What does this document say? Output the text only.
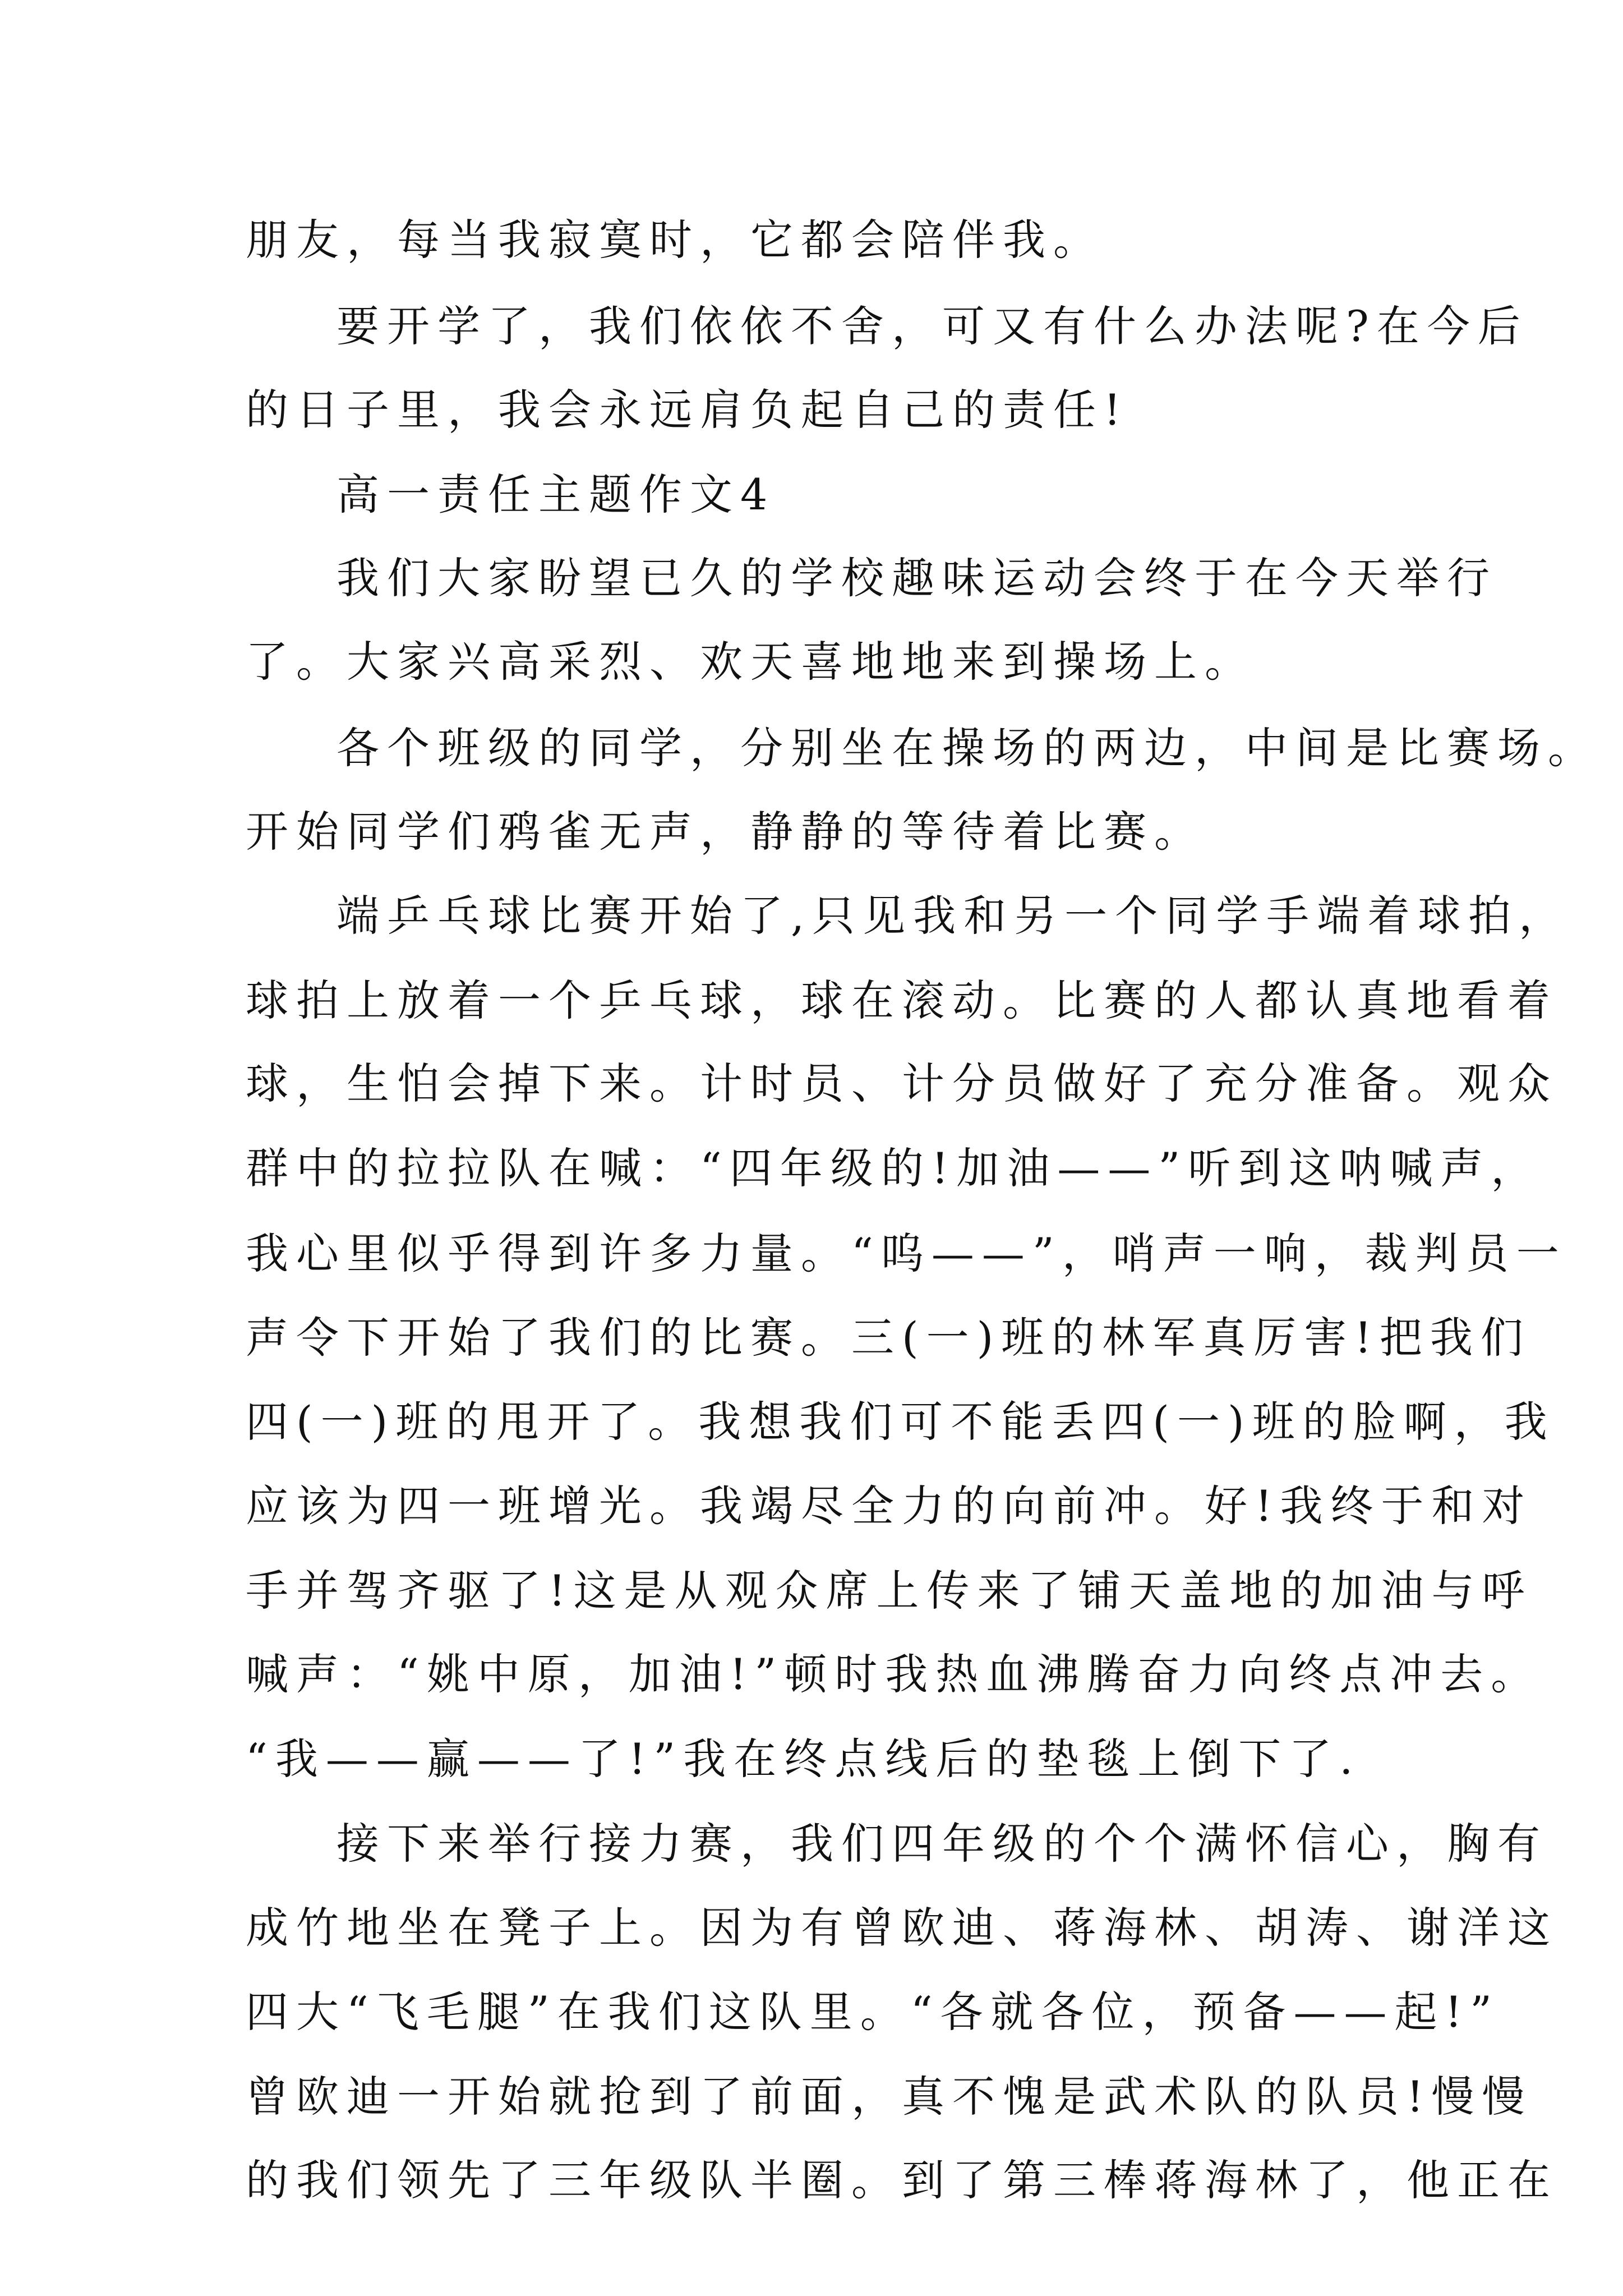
朋友，每当我寂寞时，它都会陪伴我。
要开学了，我们依依不舍，可又有什么办法呢?在今后
的日子里，我会永远肩负起自己的责任!
高一责任主题作文4
我们大家盼望已久的学校趣味运动会终于在今天举行
了。大家兴高采烈、欢天喜地地来到操场上。
各个班级的同学，分别坐在操场的两边，中间是比赛场。
开始同学们鸦雀无声，静静的等待着比赛。
端乒乓球比赛开始了,只见我和另一个同学手端着球拍，
球拍上放着一个乒乓球，球在滚动。比赛的人都认真地看着
球，生怕会掉下来。计时员、计分员做好了充分准备。观众
群中的拉拉队在喊：“四年级的!加油——”听到这呐喊声，
我心里似乎得到许多力量。“呜——”，哨声一响，裁判员一
声令下开始了我们的比赛。三(一)班的林军真厉害!把我们
四(一)班的甩开了。我想我们可不能丢四(一)班的脸啊，我
应该为四一班增光。我竭尽全力的向前冲。好!我终于和对
手并驾齐驱了!这是从观众席上传来了铺天盖地的加油与呼
喊声：“姚中原，加油!”顿时我热血沸腾奋力向终点冲去。
“我——赢——了!”我在终点线后的垫毯上倒下了.
接下来举行接力赛，我们四年级的个个满怀信心，胸有
成竹地坐在凳子上。因为有曾欧迪、蒋海林、胡涛、谢洋这
四大“飞毛腿”在我们这队里。“各就各位，预备——起!”
曾欧迪一开始就抢到了前面，真不愧是武术队的队员!慢慢
的我们领先了三年级队半圈。到了第三棒蒋海林了，他正在
